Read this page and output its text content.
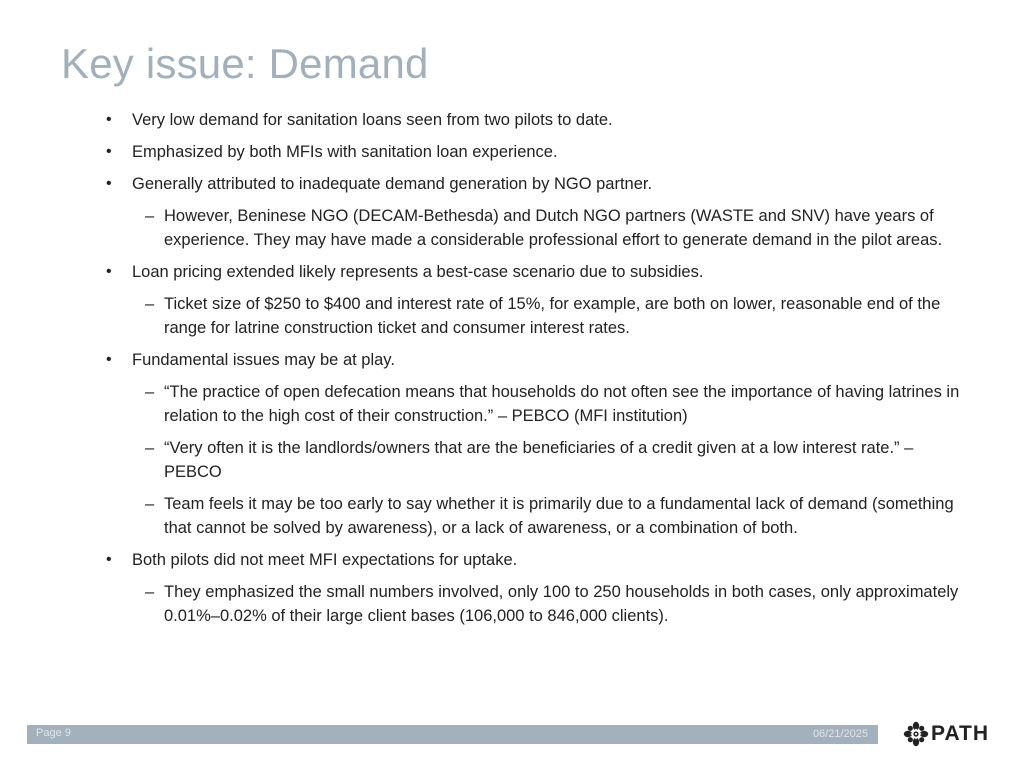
Key issue: Demand
• Very low demand for sanitation loans seen from two pilots to date.
• Emphasized by both MFIs with sanitation loan experience.
• Generally attributed to inadequate demand generation by NGO partner.
– However, Beninese NGO (DECAM-Bethesda) and Dutch NGO partners (WASTE and SNV) have years of experience. They may have made a considerable professional effort to generate demand in the pilot areas.
• Loan pricing extended likely represents a best-case scenario due to subsidies.
– Ticket size of $250 to $400 and interest rate of 15%, for example, are both on lower, reasonable end of the range for latrine construction ticket and consumer interest rates.
• Fundamental issues may be at play.
– “The practice of open defecation means that households do not often see the importance of having latrines in relation to the high cost of their construction.” – PEBCO (MFI institution)
– “Very often it is the landlords/owners that are the beneficiaries of a credit given at a low interest rate.” – PEBCO
– Team feels it may be too early to say whether it is primarily due to a fundamental lack of demand (something that cannot be solved by awareness), or a lack of awareness, or a combination of both.
• Both pilots did not meet MFI expectations for uptake.
– They emphasized the small numbers involved, only 100 to 250 households in both cases, only approximately 0.01%–0.02% of their large client bases (106,000 to 846,000 clients).
Page 9	06/21/2025	PATH
